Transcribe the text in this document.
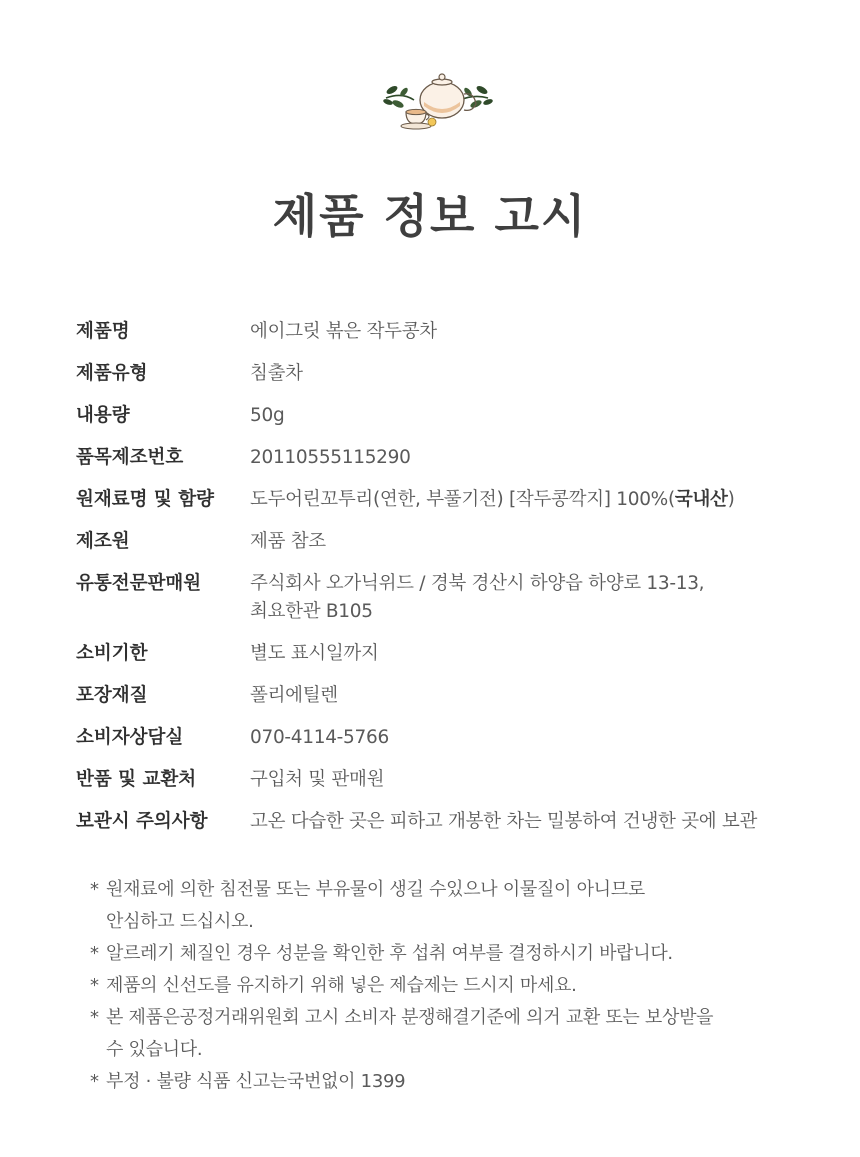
제품 정보 고시
제품명	에이그릿 볶은 작두콩차
제품유형	침출차
내용량	50g
품목제조번호	20110555115290
원재료명 및 함량	도두어린꼬투리(연한, 부풀기전) [작두콩깍지] 100%(국내산)
제조원	제품 참조
유통전문판매원	주식회사 오가닉위드 / 경북 경산시 하양읍 하양로 13-13,
최요한관 B105
소비기한	별도 표시일까지
포장재질	폴리에틸렌
소비자상담실	070-4114-5766
반품 및 교환처	구입처 및 판매원
보관시 주의사항	고온 다습한 곳은 피하고 개봉한 차는 밀봉하여 건냉한 곳에 보관
* 원재료에 의한 침전물 또는 부유물이 생길 수있으나 이물질이 아니므로
안심하고 드십시오.
* 알르레기 체질인 경우 성분을 확인한 후 섭취 여부를 결정하시기 바랍니다.
* 제품의 신선도를 유지하기 위해 넣은 제습제는 드시지 마세요.
* 본 제품은공정거래위원회 고시 소비자 분쟁해결기준에 의거 교환 또는 보상받을
수 있습니다.
* 부정 · 불량 식품 신고는국번없이 1399
